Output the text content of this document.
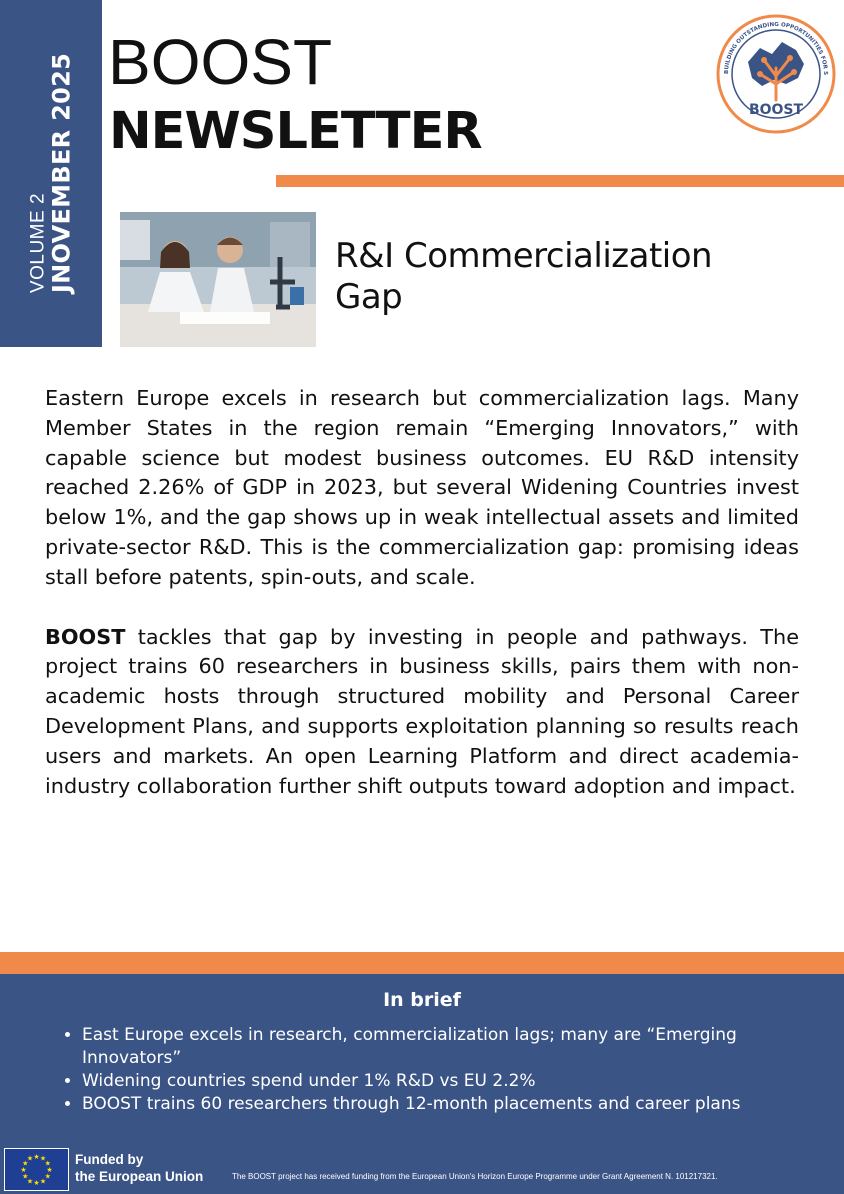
VOLUME 2 JNOVEMBER 2025 BOOST
NEWSLETTER	BOOST
BUILDING OUTSTANDING OPPORTUNITIES FOR S
R&I Commercialization
Gap

Eastern Europe excels in research but commercialization lags. Many Member States in the region remain “Emerging Innovators,” with capable science but modest business outcomes. EU R&D intensity reached 2.26% of GDP in 2023, but several Widening Countries invest below 1%, and the gap shows up in weak intellectual assets and limited private-sector R&D. This is the commercialization gap: promising ideas stall before patents, spin-outs, and scale.

BOOST tackles that gap by investing in people and pathways. The project trains 60 researchers in business skills, pairs them with non-academic hosts through structured mobility and Personal Career Development Plans, and supports exploitation planning so results reach users and markets. An open Learning Platform and direct academia-industry collaboration further shift outputs toward adoption and impact.

In brief
• East Europe excels in research, commercialization lags; many are “Emerging Innovators”
• Widening countries spend under 1% R&D vs EU 2.2%
• BOOST trains 60 researchers through 12-month placements and career plans
★
★
★
★
★
★
★
★
★ ★ ★
★ Funded by
the European Union	The BOOST project has received funding from the European Union's Horizon Europe Programme under Grant Agreement N. 101217321.
